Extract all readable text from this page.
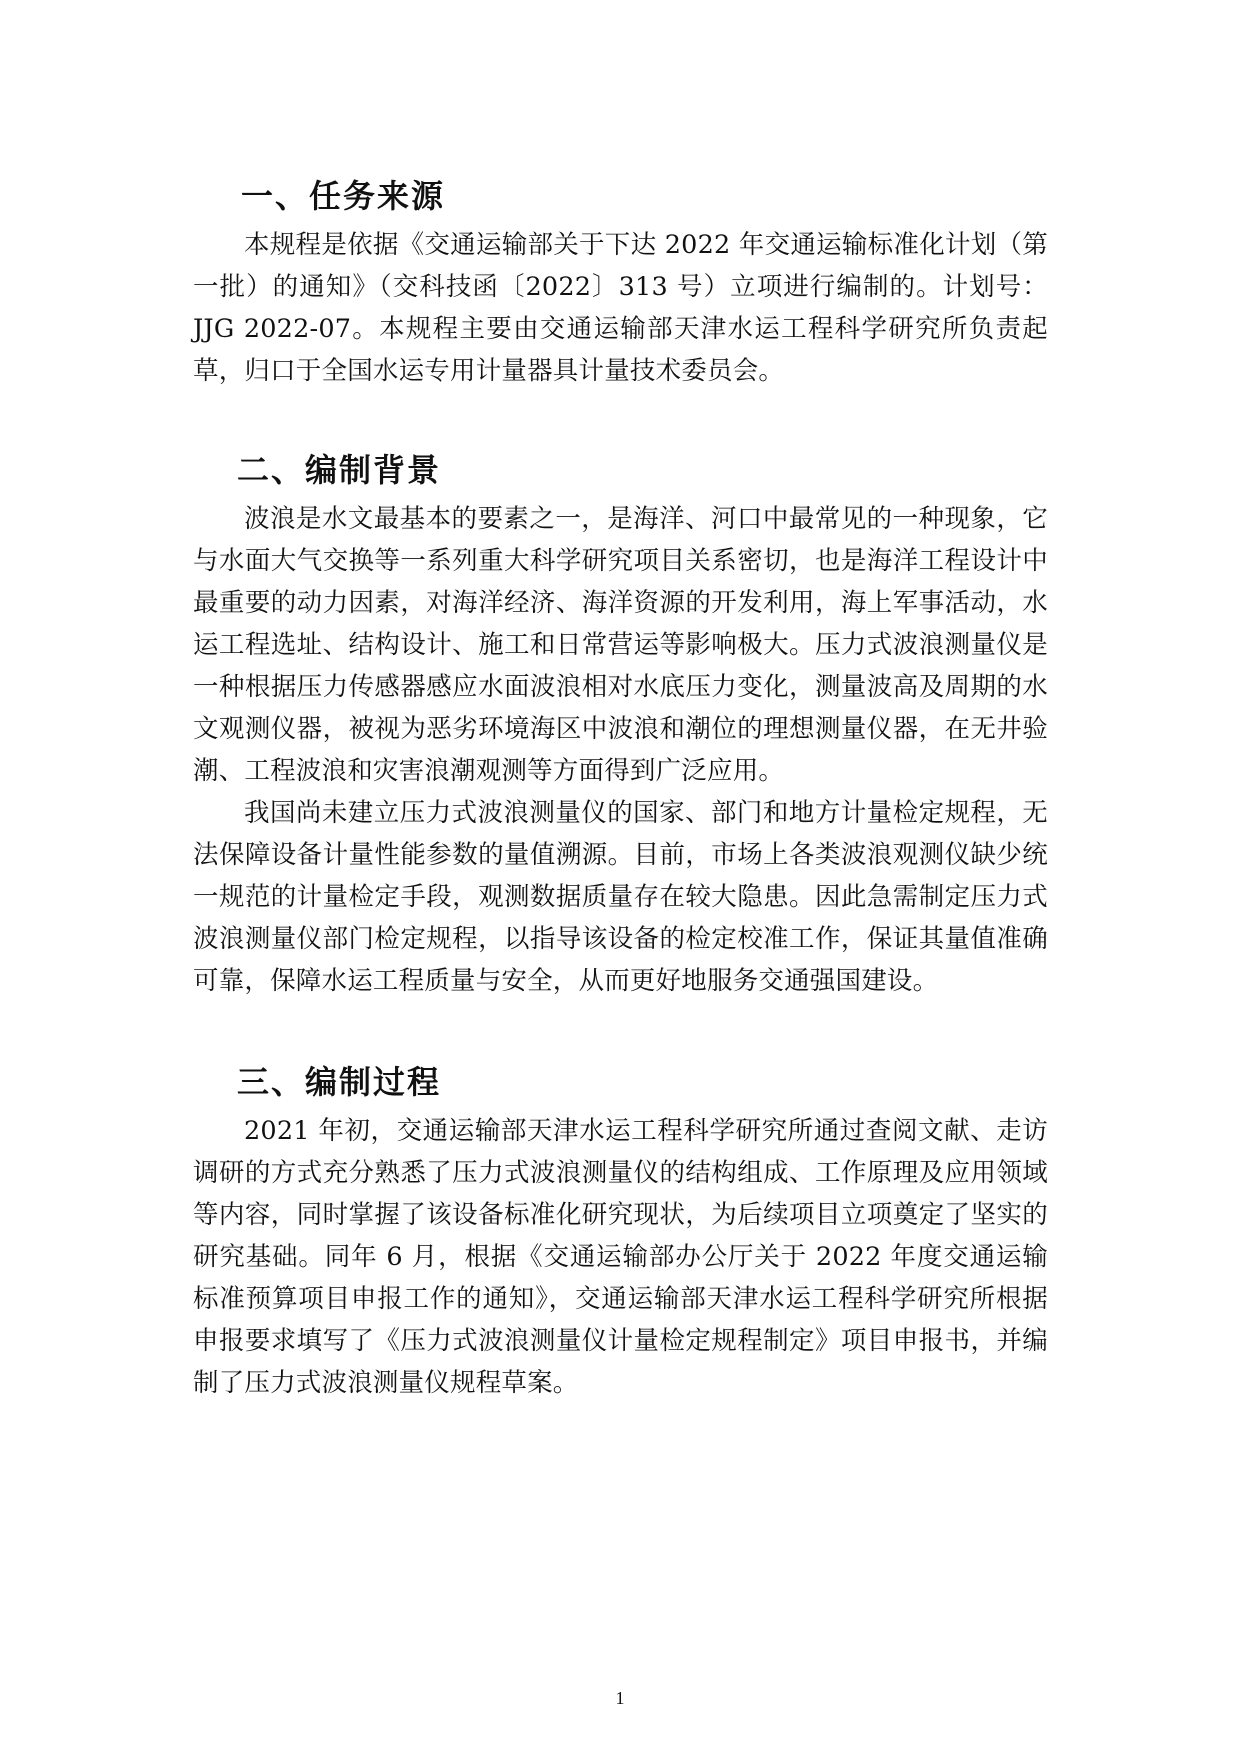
一、任务来源

本规程是依据《交通运输部关于下达 2022 年交通运输标准化计划（第一批）的通知》（交科技函〔2022〕313 号）立项进行编制的。计划号：JJG 2022-07。本规程主要由交通运输部天津水运工程科学研究所负责起草，归口于全国水运专用计量器具计量技术委员会。

二、编制背景

波浪是水文最基本的要素之一，是海洋、河口中最常见的一种现象，它与水面大气交换等一系列重大科学研究项目关系密切，也是海洋工程设计中最重要的动力因素，对海洋经济、海洋资源的开发利用，海上军事活动，水运工程选址、结构设计、施工和日常营运等影响极大。压力式波浪测量仪是一种根据压力传感器感应水面波浪相对水底压力变化，测量波高及周期的水文观测仪器，被视为恶劣环境海区中波浪和潮位的理想测量仪器，在无井验潮、工程波浪和灾害浪潮观测等方面得到广泛应用。

我国尚未建立压力式波浪测量仪的国家、部门和地方计量检定规程，无法保障设备计量性能参数的量值溯源。目前，市场上各类波浪观测仪缺少统一规范的计量检定手段，观测数据质量存在较大隐患。因此急需制定压力式波浪测量仪部门检定规程，以指导该设备的检定校准工作，保证其量值准确可靠，保障水运工程质量与安全，从而更好地服务交通强国建设。

三、编制过程

2021 年初，交通运输部天津水运工程科学研究所通过查阅文献、走访调研的方式充分熟悉了压力式波浪测量仪的结构组成、工作原理及应用领域等内容，同时掌握了该设备标准化研究现状，为后续项目立项奠定了坚实的研究基础。同年 6 月，根据《交通运输部办公厅关于 2022 年度交通运输标准预算项目申报工作的通知》，交通运输部天津水运工程科学研究所根据申报要求填写了《压力式波浪测量仪计量检定规程制定》项目申报书，并编制了压力式波浪测量仪规程草案。

1
